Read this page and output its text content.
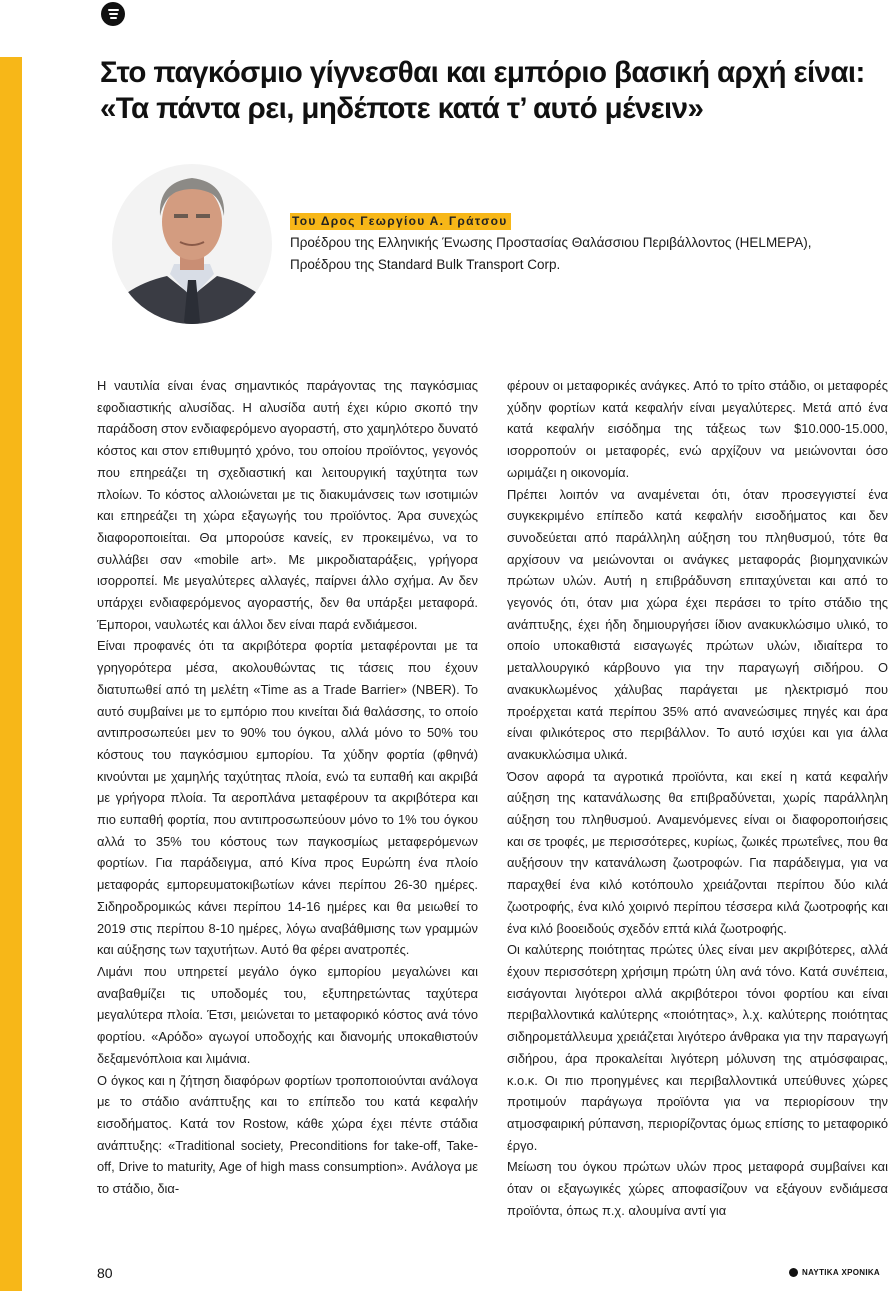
Στο παγκόσμιο γίγνεσθαι και εμπόριο βασική αρχή είναι: «Τα πάντα ρει, μηδέποτε κατά τ’ αυτό μένειν»
Του Δρος Γεωργίου Α. Γράτσου
Προέδρου της Ελληνικής Ένωσης Προστασίας Θαλάσσιου Περιβάλλοντος (HELMEPA),
Προέδρου της Standard Bulk Transport Corp.

Η ναυτιλία είναι ένας σημαντικός παράγοντας της παγκόσμιας εφοδιαστικής αλυσίδας. Η αλυσίδα αυτή έχει κύριο σκοπό την παράδοση στον ενδιαφερόμενο αγοραστή, στο χαμηλότερο δυνατό κόστος και στον επιθυμητό χρόνο, του οποίου προϊόντος, γεγονός που επηρεάζει τη σχεδιαστική και λειτουργική ταχύτητα των πλοίων. Το κόστος αλλοιώνεται με τις διακυμάνσεις των ισοτιμιών και επηρεάζει τη χώρα εξαγωγής του προϊόντος. Άρα συνεχώς διαφοροποιείται. Θα μπορούσε κανείς, εν προκειμένω, να το συλλάβει σαν «mobile art». Με μικροδιαταράξεις, γρήγορα ισορροπεί. Με μεγαλύτερες αλλαγές, παίρνει άλλο σχήμα. Αν δεν υπάρχει ενδιαφερόμενος αγοραστής, δεν θα υπάρξει μεταφορά. Έμποροι, ναυλωτές και άλλοι δεν είναι παρά ενδιάμεσοι.

Είναι προφανές ότι τα ακριβότερα φορτία μεταφέρονται με τα γρηγορότερα μέσα, ακολουθώντας τις τάσεις που έχουν διατυπωθεί από τη μελέτη «Time as a Trade Barrier» (NBER). Το αυτό συμβαίνει με το εμπόριο που κινείται διά θαλάσσης, το οποίο αντιπροσωπεύει μεν το 90% του όγκου, αλλά μόνο το 50% του κόστους του παγκόσμιου εμπορίου. Τα χύδην φορτία (φθηνά) κινούνται με χαμηλής ταχύτητας πλοία, ενώ τα ευπαθή και ακριβά με γρήγορα πλοία. Τα αεροπλάνα μεταφέρουν τα ακριβότερα και πιο ευπαθή φορτία, που αντιπροσωπεύουν μόνο το 1% του όγκου αλλά το 35% του κόστους των παγκοσμίως μεταφερόμενων φορτίων. Για παράδειγμα, από Κίνα προς Ευρώπη ένα πλοίο μεταφοράς εμπορευματοκιβωτίων κάνει περίπου 26-30 ημέρες. Σιδηροδρομικώς κάνει περίπου 14-16 ημέρες και θα μειωθεί το 2019 στις περίπου 8-10 ημέρες, λόγω αναβάθμισης των γραμμών και αύξησης των ταχυτήτων. Αυτό θα φέρει ανατροπές.

Λιμάνι που υπηρετεί μεγάλο όγκο εμπορίου μεγαλώνει και αναβαθμίζει τις υποδομές του, εξυπηρετώντας ταχύτερα μεγαλύτερα πλοία. Έτσι, μειώνεται το μεταφορικό κόστος ανά τόνο φορτίου. «Αρόδο» αγωγοί υποδοχής και διανομής υποκαθιστούν δεξαμενόπλοια και λιμάνια.

Ο όγκος και η ζήτηση διαφόρων φορτίων τροποποιούνται ανάλογα με το στάδιο ανάπτυξης και το επίπεδο του κατά κεφαλήν εισοδήματος. Κατά τον Rostow, κάθε χώρα έχει πέντε στάδια ανάπτυξης: «Traditional society, Preconditions for take-off, Take-off, Drive to maturity, Age of high mass consumption». Ανάλογα με το στάδιο, δια-

φέρουν οι μεταφορικές ανάγκες. Από το τρίτο στάδιο, οι μεταφορές χύδην φορτίων κατά κεφαλήν είναι μεγαλύτερες. Μετά από ένα κατά κεφαλήν εισόδημα της τάξεως των $10.000-15.000, ισορροπούν οι μεταφορές, ενώ αρχίζουν να μειώνονται όσο ωριμάζει η οικονομία.

Πρέπει λοιπόν να αναμένεται ότι, όταν προσεγγιστεί ένα συγκεκριμένο επίπεδο κατά κεφαλήν εισοδήματος και δεν συνοδεύεται από παράλληλη αύξηση του πληθυσμού, τότε θα αρχίσουν να μειώνονται οι ανάγκες μεταφοράς βιομηχανικών πρώτων υλών. Αυτή η επιβράδυνση επιταχύνεται και από το γεγονός ότι, όταν μια χώρα έχει περάσει το τρίτο στάδιο της ανάπτυξης, έχει ήδη δημιουργήσει ίδιον ανακυκλώσιμο υλικό, το οποίο υποκαθιστά εισαγωγές πρώτων υλών, ιδιαίτερα το μεταλλουργικό κάρβουνο για την παραγωγή σιδήρου. Ο ανακυκλωμένος χάλυβας παράγεται με ηλεκτρισμό που προέρχεται κατά περίπου 35% από ανανεώσιμες πηγές και άρα είναι φιλικότερος στο περιβάλλον. Το αυτό ισχύει και για άλλα ανακυκλώσιμα υλικά.

Όσον αφορά τα αγροτικά προϊόντα, και εκεί η κατά κεφαλήν αύξηση της κατανάλωσης θα επιβραδύνεται, χωρίς παράλληλη αύξηση του πληθυσμού. Αναμενόμενες είναι οι διαφοροποιήσεις και σε τροφές, με περισσότερες, κυρίως, ζωικές πρωτεΐνες, που θα αυξήσουν την κατανάλωση ζωοτροφών. Για παράδειγμα, για να παραχθεί ένα κιλό κοτόπουλο χρειάζονται περίπου δύο κιλά ζωοτροφής, ένα κιλό χοιρινό περίπου τέσσερα κιλά ζωοτροφής και ένα κιλό βοοειδούς σχεδόν επτά κιλά ζωοτροφής.

Οι καλύτερης ποιότητας πρώτες ύλες είναι μεν ακριβότερες, αλλά έχουν περισσότερη χρήσιμη πρώτη ύλη ανά τόνο. Κατά συνέπεια, εισάγονται λιγότεροι αλλά ακριβότεροι τόνοι φορτίου και είναι περιβαλλοντικά καλύτερης «ποιότητας», λ.χ. καλύτερης ποιότητας σιδηρομετάλλευμα χρειάζεται λιγότερο άνθρακα για την παραγωγή σιδήρου, άρα προκαλείται λιγότερη μόλυνση της ατμόσφαιρας, κ.ο.κ. Οι πιο προηγμένες και περιβαλλοντικά υπεύθυνες χώρες προτιμούν παράγωγα προϊόντα για να περιορίσουν την ατμοσφαιρική ρύπανση, περιορίζοντας όμως επίσης το μεταφορικό έργο.

Μείωση του όγκου πρώτων υλών προς μεταφορά συμβαίνει και όταν οι εξαγωγικές χώρες αποφασίζουν να εξάγουν ενδιάμεσα προϊόντα, όπως π.χ. αλουμίνα αντί για

80	ΝΑΥΤΙΚΑ ΧΡΟΝΙΚΑ
